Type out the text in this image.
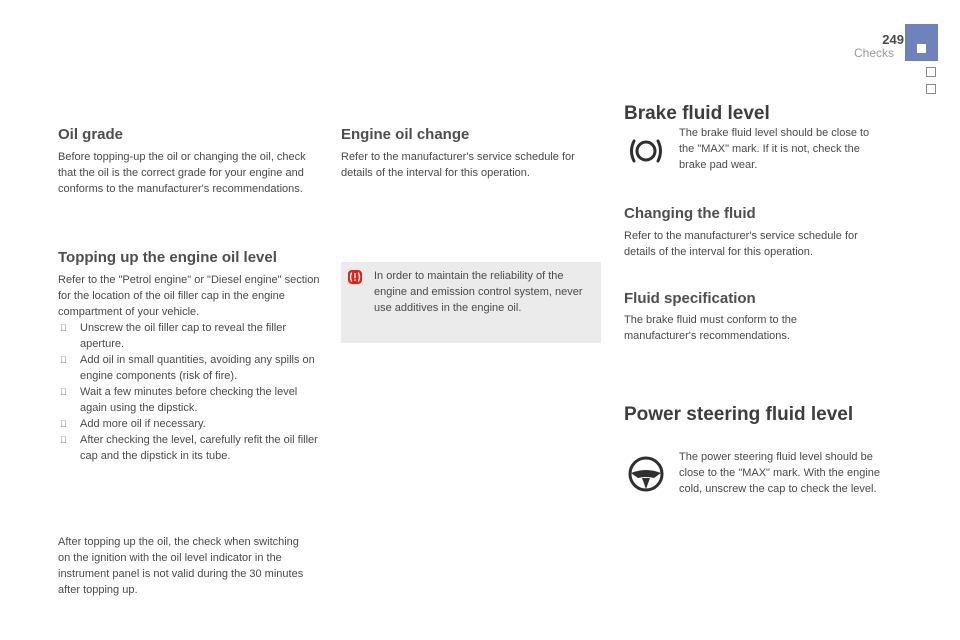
249
Checks
Oil grade

Before topping-up the oil or changing the oil, check that the oil is the correct grade for your engine and conforms to the manufacturer's recommendations.

Topping up the engine oil level

Refer to the "Petrol engine" or "Diesel engine" section for the location of the oil filler cap in the engine compartment of your vehicle.

Unscrew the oil filler cap to reveal the filler aperture.
Add oil in small quantities, avoiding any spills on engine components (risk of fire).
Wait a few minutes before checking the level again using the dipstick.
Add more oil if necessary.
After checking the level, carefully refit the oil filler cap and the dipstick in its tube.

After topping up the oil, the check when switching on the ignition with the oil level indicator in the instrument panel is not valid during the 30 minutes after topping up.

Engine oil change

Refer to the manufacturer's service schedule for details of the interval for this operation.

In order to maintain the reliability of the engine and emission control system, never use additives in the engine oil.
Brake fluid level

The brake fluid level should be close to the "MAX" mark. If it is not, check the brake pad wear.

Changing the fluid

Refer to the manufacturer's service schedule for details of the interval for this operation.

Fluid specification

The brake fluid must conform to the manufacturer's recommendations.

Power steering fluid level

The power steering fluid level should be close to the "MAX" mark. With the engine cold, unscrew the cap to check the level.
